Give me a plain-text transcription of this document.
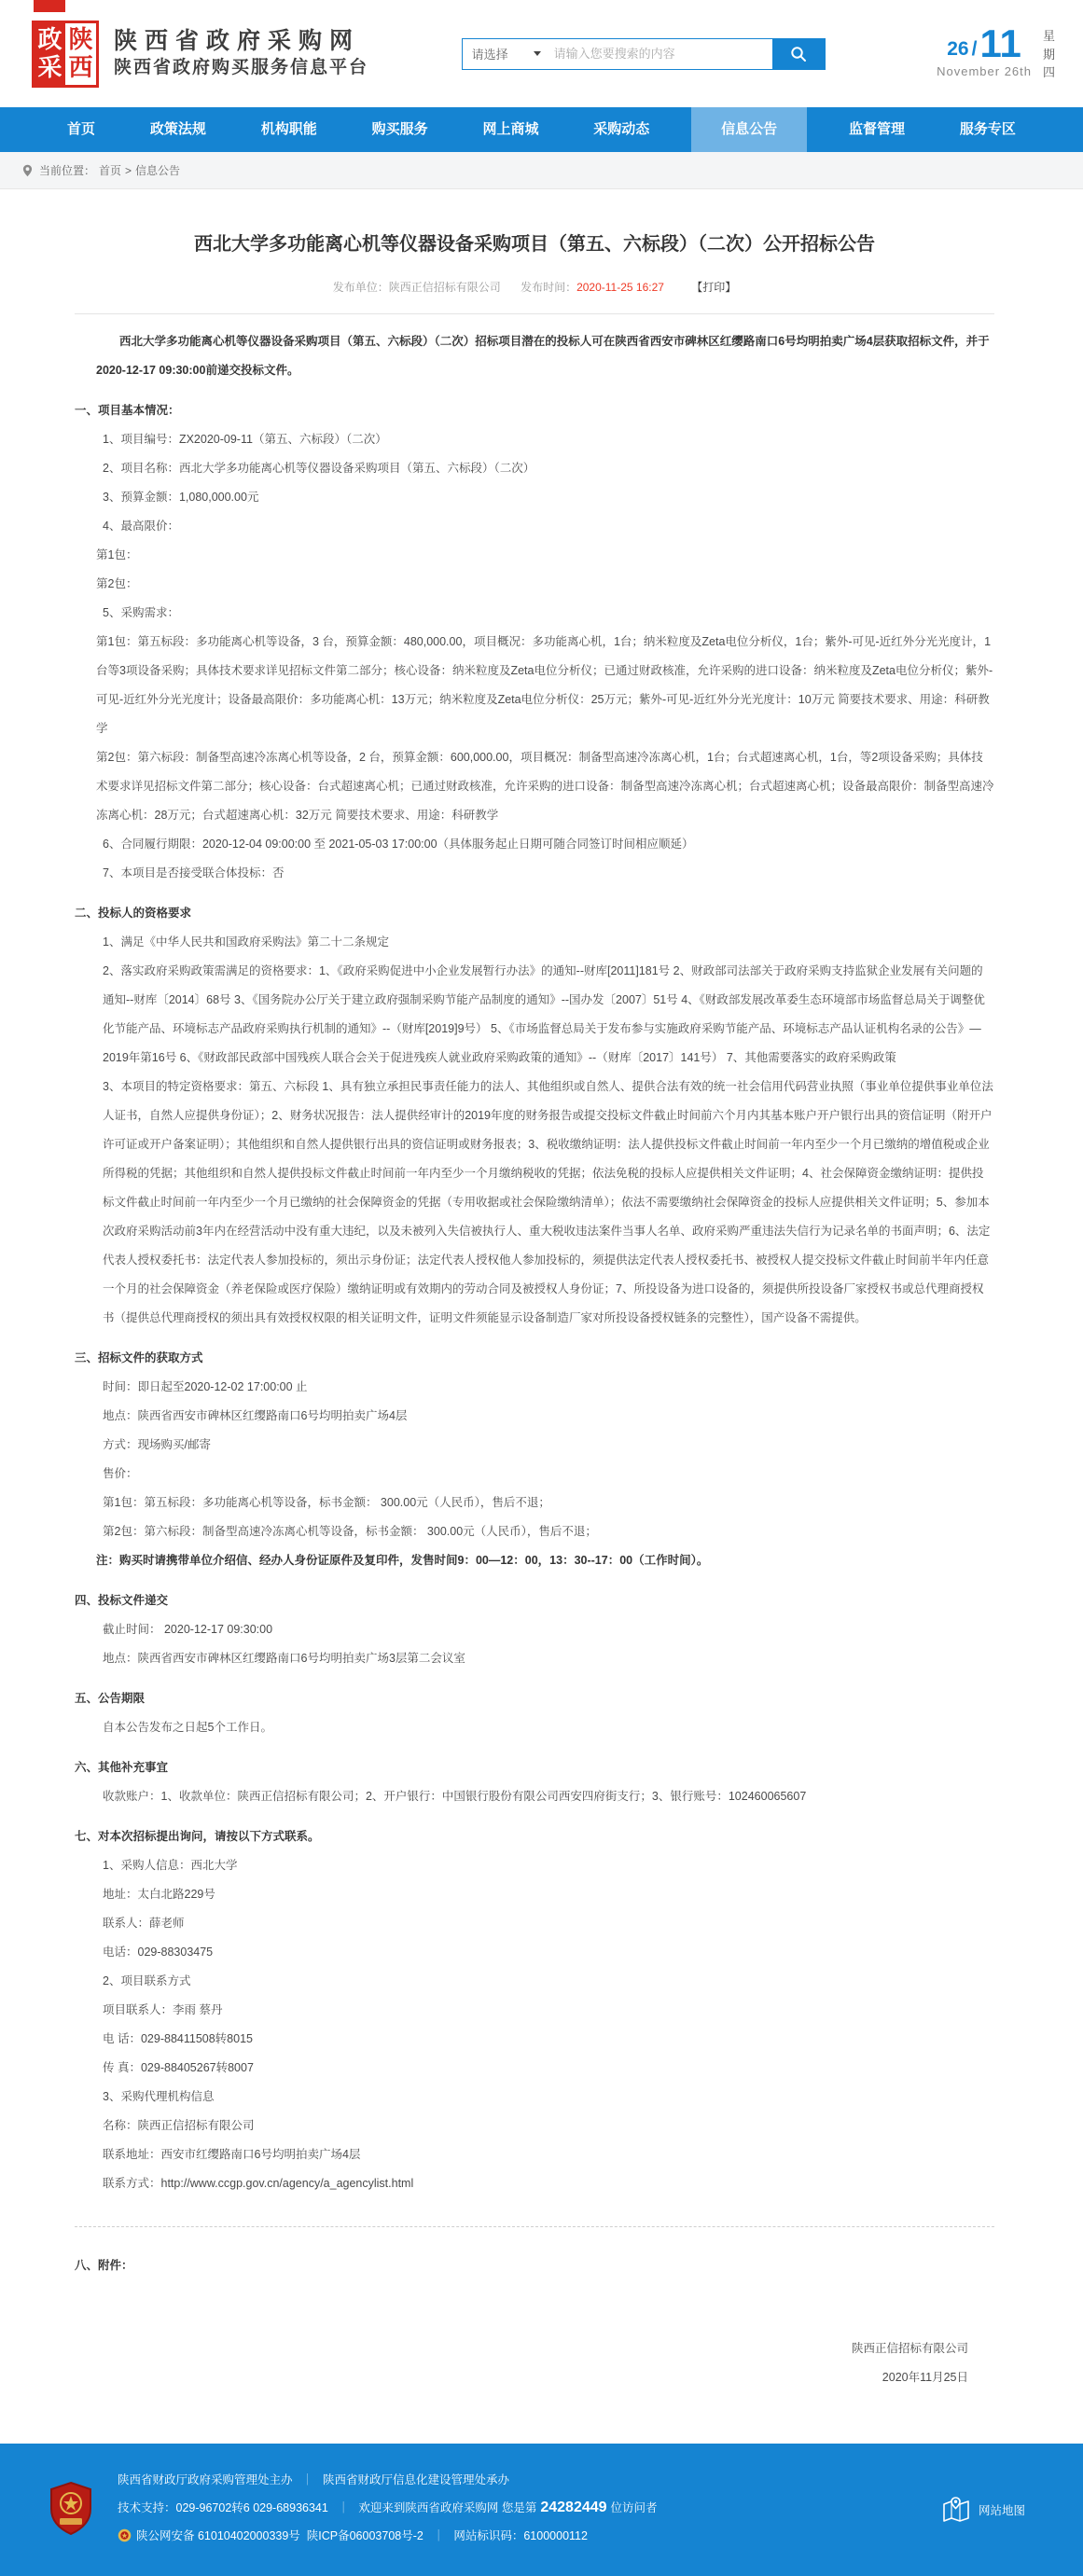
政
采
陕
西
陕西省政府采购网
陕西省政府购买服务信息平台
请选择
请输入您要搜索的内容	26 / 11
November 26th
星期四
首页	政策法规	机构职能	购买服务	网上商城	采购动态	信息公告	监督管理	服务专区
当前位置： 首页 > 信息公告
西北大学多功能离心机等仪器设备采购项目（第五、六标段）（二次）公开招标公告
发布单位：陕西正信招标有限公司 发布时间：2020-11-25 16:27 【打印】
西北大学多功能离心机等仪器设备采购项目（第五、六标段）（二次）招标项目潜在的投标人可在陕西省西安市碑林区红缨路南口6号均明拍卖广场4层获取招标文件，并于2020-12-17 09:30:00前递交投标文件。
一、项目基本情况：
1、项目编号：ZX2020-09-11（第五、六标段）（二次）
2、项目名称：西北大学多功能离心机等仪器设备采购项目（第五、六标段）（二次）
3、预算金额：1,080,000.00元
4、最高限价：
第1包：
第2包：
5、采购需求：
第1包：第五标段：多功能离心机等设备，3 台，预算金额：480,000.00，项目概况：多功能离心机，1台；纳米粒度及Zeta电位分析仪，1台；紫外-可见-近红外分光光度计，1台等3项设备采购；具体技术要求详见招标文件第二部分；核心设备：纳米粒度及Zeta电位分析仪；已通过财政核准，允许采购的进口设备：纳米粒度及Zeta电位分析仪；紫外-可见-近红外分光光度计；设备最高限价：多功能离心机：13万元；纳米粒度及Zeta电位分析仪：25万元；紫外-可见-近红外分光光度计：10万元 简要技术要求、用途：科研教学
第2包：第六标段：制备型高速冷冻离心机等设备，2 台，预算金额：600,000.00，项目概况：制备型高速冷冻离心机，1台；台式超速离心机，1台，等2项设备采购；具体技术要求详见招标文件第二部分；核心设备：台式超速离心机；已通过财政核准，允许采购的进口设备：制备型高速冷冻离心机；台式超速离心机；设备最高限价：制备型高速冷冻离心机：28万元；台式超速离心机：32万元 简要技术要求、用途：科研教学
6、合同履行期限：2020-12-04 09:00:00 至 2021-05-03 17:00:00（具体服务起止日期可随合同签订时间相应顺延）
7、本项目是否接受联合体投标：否
二、投标人的资格要求
1、满足《中华人民共和国政府采购法》第二十二条规定
2、落实政府采购政策需满足的资格要求：1、《政府采购促进中小企业发展暂行办法》的通知--财库[2011]181号 2、财政部司法部关于政府采购支持监狱企业发展有关问题的通知--财库〔2014〕68号 3、《国务院办公厅关于建立政府强制采购节能产品制度的通知》--国办发〔2007〕51号 4、《财政部发展改革委生态环境部市场监督总局关于调整优化节能产品、环境标志产品政府采购执行机制的通知》--（财库[2019]9号） 5、《市场监督总局关于发布参与实施政府采购节能产品、环境标志产品认证机构名录的公告》—2019年第16号 6、《财政部民政部中国残疾人联合会关于促进残疾人就业政府采购政策的通知》--（财库〔2017〕141号） 7、其他需要落实的政府采购政策
3、本项目的特定资格要求：第五、六标段 1、具有独立承担民事责任能力的法人、其他组织或自然人、提供合法有效的统一社会信用代码营业执照（事业单位提供事业单位法人证书，自然人应提供身份证）；2、财务状况报告：法人提供经审计的2019年度的财务报告或提交投标文件截止时间前六个月内其基本账户开户银行出具的资信证明（附开户许可证或开户备案证明）；其他组织和自然人提供银行出具的资信证明或财务报表；3、税收缴纳证明：法人提供投标文件截止时间前一年内至少一个月已缴纳的增值税或企业所得税的凭据；其他组织和自然人提供投标文件截止时间前一年内至少一个月缴纳税收的凭据；依法免税的投标人应提供相关文件证明；4、社会保障资金缴纳证明：提供投标文件截止时间前一年内至少一个月已缴纳的社会保障资金的凭据（专用收据或社会保险缴纳清单）；依法不需要缴纳社会保障资金的投标人应提供相关文件证明；5、参加本次政府采购活动前3年内在经营活动中没有重大违纪，以及未被列入失信被执行人、重大税收违法案件当事人名单、政府采购严重违法失信行为记录名单的书面声明；6、法定代表人授权委托书：法定代表人参加投标的，须出示身份证；法定代表人授权他人参加投标的，须提供法定代表人授权委托书、被授权人提交投标文件截止时间前半年内任意一个月的社会保障资金（养老保险或医疗保险）缴纳证明或有效期内的劳动合同及被授权人身份证；7、所投设备为进口设备的，须提供所投设备厂家授权书或总代理商授权书（提供总代理商授权的须出具有效授权权限的相关证明文件，证明文件须能显示设备制造厂家对所投设备授权链条的完整性），国产设备不需提供。
三、招标文件的获取方式
时间：即日起至2020-12-02 17:00:00 止
地点：陕西省西安市碑林区红缨路南口6号均明拍卖广场4层
方式：现场购买/邮寄
售价：
第1包：第五标段：多功能离心机等设备，标书金额： 300.00元（人民币），售后不退；
第2包：第六标段：制备型高速冷冻离心机等设备，标书金额： 300.00元（人民币），售后不退；
注：购买时请携带单位介绍信、经办人身份证原件及复印件，发售时间9：00—12：00，13：30--17：00（工作时间）。
四、投标文件递交
截止时间： 2020-12-17 09:30:00
地点：陕西省西安市碑林区红缨路南口6号均明拍卖广场3层第二会议室
五、公告期限
自本公告发布之日起5个工作日。
六、其他补充事宜
收款账户：1、收款单位：陕西正信招标有限公司；2、开户银行：中国银行股份有限公司西安四府街支行；3、银行账号：102460065607
七、对本次招标提出询问，请按以下方式联系。
1、采购人信息：西北大学
地址：太白北路229号
联系人：薛老师
电话：029-88303475
2、项目联系方式
项目联系人：李雨 蔡丹
电 话：029-88411508转8015
传 真：029-88405267转8007
3、采购代理机构信息
名称：陕西正信招标有限公司
联系地址：西安市红缨路南口6号均明拍卖广场4层
联系方式：http://www.ccgp.gov.cn/agency/a_agencylist.html
八、附件：
陕西正信招标有限公司
2020年11月25日
陕西省财政厅政府采购管理处主办 ｜ 陕西省财政厅信息化建设管理处承办
技术支持：029-96702转6 029-68936341 ｜ 欢迎来到陕西省政府采购网 您是第 24282449 位访问者
陕公网安备 61010402000339号 陕ICP备06003708号-2 ｜ 网站标识码：6100000112
网站地图
